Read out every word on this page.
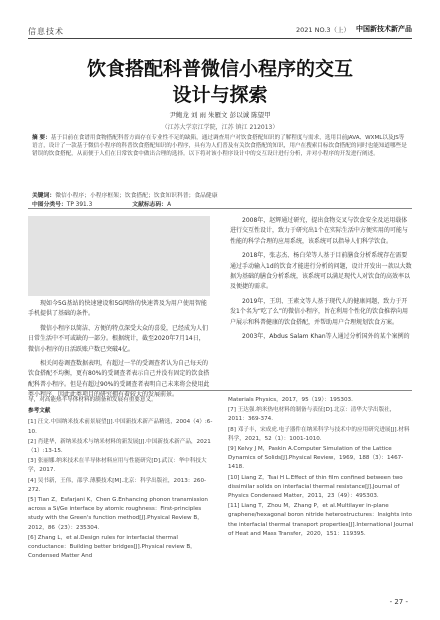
信息技术	2021 NO.3（上） 中国新技术新产品
饮食搭配科普微信小程序的交互
设计与探索
尹鲍龙 刘 雨 朱雁文 彭以诚 陈望甲
（江苏大学京江学院，江苏 镇江 212013）
摘 要：基于目前在食谱用食物搭配科普方面存在专业性不足的缺陷，通过调查用户对饮食搭配知识的了解程度与需求，选用目前JAVA、WXML以及JS等语言，设计了一款基于微信小程序的科普饮食搭配知识的小程序，具有为人们普及有关饮食搭配的知识，用户在搜索目标饮食搭配的同时也能知道哪些是错误的饮食搭配，从而便于人们在日常饮食中做出合理的选择。以下将对该小程序设计中的交互设计进行分析，并对小程序的开发进行阐述。
关键词：微信小程序；小程序框架；饮食搭配；饮食知识科普；食品健康
中图分类号：TP 391.3	文献标志码：A

现如今5G基站的快速建设和5G网络的快速普及为用户使用智能手机提供了基础的条件。

微信小程序以简洁、方便的特点深受大众的喜爱，已经成为人们日常生活中不可或缺的一部分。根据统计，截至2020年7月14日，微信小程序的日活跃账户数已突破4亿。

相关问卷调查数据表明，有超过一半的受调查者认为自己每天的饮食搭配不均衡，更有80%的受调查者表示自己并没有固定的饮食搭配科普小程序。但是有超过90%的受调查者表明自己未来将会使用此类小程序，因此此类项目的研究拥有着较大的发展前景。

2008年，赵辉通过研究，提出食物交叉与饮食安全及运用载体进行交互性设计，致力于研究出1个在实际生活中方便实用的可能与性能的科学合理的应用系统，该系统可以指导人们科学饮食。

2018年，张志杰、杨白荣等人基于目前膳食分析系统存在需要通过手动输入1d的饮食才能进行分析的问题，设计开发出一款以大数据为基础的膳食分析系统，该系统可以满足现代人对饮食的高效率以及便捷的需求。

2019年，王玥、王素文等人基于现代人的健康问题，致力于开发1个名为“吃了么”的微信小程序，旨在利用个性化的饮食推荐向用户展示和科普健康的饮食搭配，并帮助用户合理规划饮食方案。

2003年，Abdus Salam Khan等人通过分析国外的某个案例的

导，对高能热半导体材料的制备和发展有重要意义。

参考文献

[1] 汪文.中国纳米技术前景展望[J].中国新技术新产品精选，2004（4）:6-10.

[2] 肖建华，新纳米技术与纳米材料的新发展[J].中国新技术新产品，2021（1）:13-15.

[3] 张丽娜.纳米技术在半导体材料应用与性能研究[D].武汉：华中科技大学，2017.

[4] 吴书新，王伟，邵学.薄膜技术[M].北京：科学出版社，2013：260-272.

[5] Tian Z，Esfarjani K，Chen G.Enhancing phonon transmission across a Si/Ge interface by atomic roughness：First-principles study with the Green's function method[J].Physical Review B，2012，86（23）：235304.

[6] Zhang L，et al.Design rules for interfacial thermal conductance：Building better bridges[J].Physical review B，Condensed Matter And

Materials Physics，2017，95（19）：195303.

[7] 王达强.纳米热电材料的制备与表征[D].北京：清华大学出版社，2011：369-374.

[8] 邓子丰，宋成虎.电子器件在纳米科学与技术中的应用研究进展[J].材料科学，2021，52（1）：1001-1010.

[9] Kelvy J M，Paskin A.Computer Simulation of the Lattice Dynamics of Solids[J].Physical Review，1969，188（3）：1467-1418.

[10] Liang Z，Tsai H L.Effect of thin film confined between two dissimilar solids on interfacial thermal resistance[J].Journal of Physics Condensed Matter，2011，23（49）：495303.

[11] Liang T，Zhou M，Zhang P，et al.Multilayer in-plane graphene/hexagonal boron nitride heterostructures：Insights into the interfacial thermal transport properties[J].International Journal of Heat and Mass Transfer，2020，151：119395.

- 27 -
